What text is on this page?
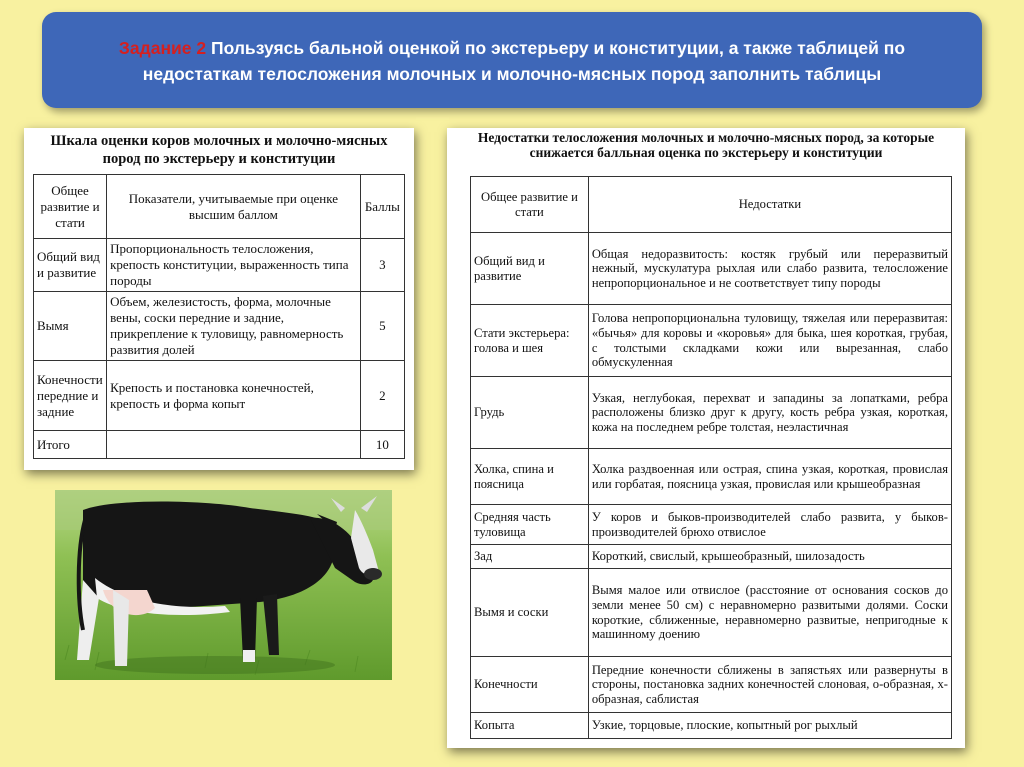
Задание 2 Пользуясь бальной оценкой по экстерьеру и конституции, а также таблицей по недостаткам телосложения молочных и молочно-мясных пород заполнить таблицы
Шкала оценки коров молочных и молочно-мясных пород по экстерьеру и конституции
Общее развитие и стати	Показатели, учитываемые при оценке высшим баллом	Баллы
Общий вид и развитие	Пропорциональность телосложения, крепость конституции, выраженность типа породы	3
Вымя	Объем, железистость, форма, молочные вены, соски передние и задние, прикрепление к туловищу, равномерность развития долей	5
Конечности передние и задние	Крепость и постановка конечностей, крепость и форма копыт	2
Итого		10
Недостатки телосложения молочных и молочно-мясных пород, за которые снижается балльная оценка по экстерьеру и конституции
Общее развитие и стати	Недостатки
Общий вид и развитие	Общая недоразвитость: костяк грубый или переразвитый нежный, мускулатура рыхлая или слабо развита, телосложение непропорциональное и не соответствует типу породы
Стати экстерьера: голова и шея	Голова непропорциональна туловищу, тяжелая или переразвитая: «бычья» для коровы и «коровья» для быка, шея короткая, грубая, с толстыми складками кожи или вырезанная, слабо обмускуленная
Грудь	Узкая, неглубокая, перехват и западины за лопатками, ребра расположены близко друг к другу, кость ребра узкая, короткая, кожа на последнем ребре толстая, неэластичная
Холка, спина и поясница	Холка раздвоенная или острая, спина узкая, короткая, провислая или горбатая, поясница узкая, провислая или крышеобразная
Средняя часть туловища	У коров и быков-производителей слабо развита, у быков-производителей брюхо отвислое
Зад	Короткий, свислый, крышеобразный, шилозадость
Вымя и соски	Вымя малое или отвислое (расстояние от основания сосков до земли менее 50 см) с неравномерно развитыми долями. Соски короткие, сближенные, неравномерно развитые, непригодные к машинному доению
Конечности	Передние конечности сближены в запястьях или развернуты в стороны, постановка задних конечностей слоновая, о-образная, х-образная, саблистая
Копыта	Узкие, торцовые, плоские, копытный рог рыхлый
